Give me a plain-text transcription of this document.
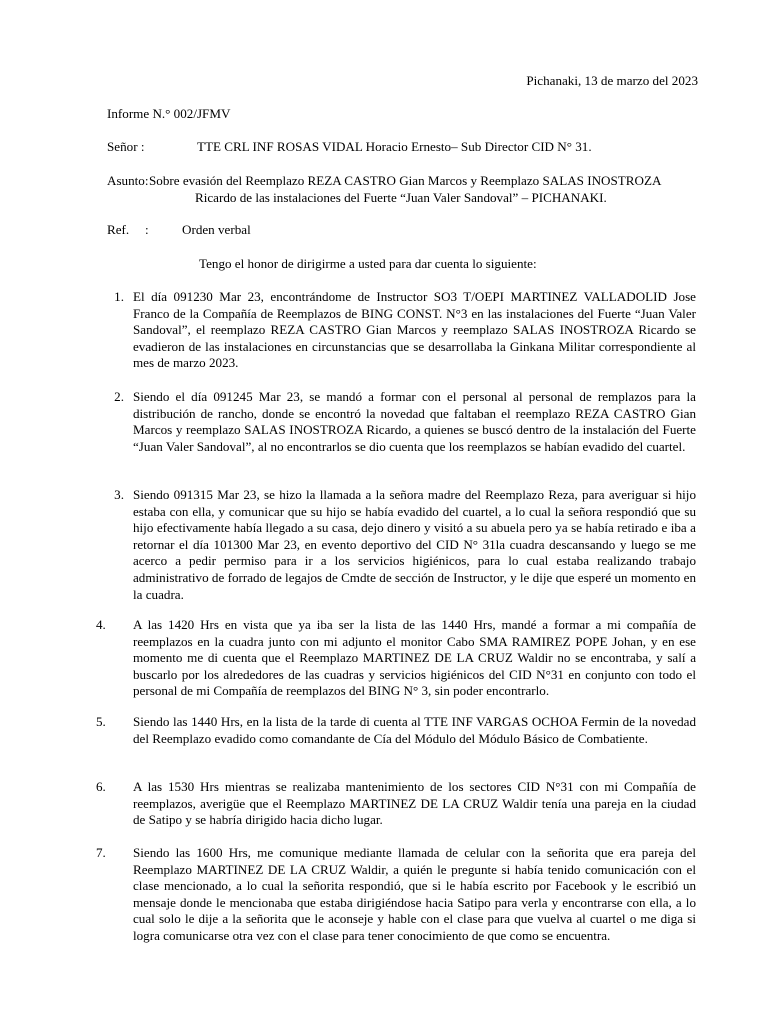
Pichanaki, 13 de marzo del 2023
Informe N.° 002/JFMV
Señor :	TTE CRL INF ROSAS VIDAL Horacio Ernesto– Sub Director CID N° 31.
Asunto: Sobre evasión del Reemplazo REZA CASTRO Gian Marcos y Reemplazo SALAS INOSTROZA
Ricardo de las instalaciones del Fuerte “Juan Valer Sandoval” – PICHANAKI.
Ref. :	Orden verbal
Tengo el honor de dirigirme a usted para dar cuenta lo siguiente:
1. El día 091230 Mar 23, encontrándome de Instructor SO3 T/OEPI MARTINEZ VALLADOLID Jose Franco de la Compañía de Reemplazos de BING CONST. N°3 en las instalaciones del Fuerte “Juan Valer Sandoval”, el reemplazo REZA CASTRO Gian Marcos y reemplazo SALAS INOSTROZA Ricardo se evadieron de las instalaciones en circunstancias que se desarrollaba la Ginkana Militar correspondiente al mes de marzo 2023.
2. Siendo el día 091245 Mar 23, se mandó a formar con el personal al personal de remplazos para la distribución de rancho, donde se encontró la novedad que faltaban el reemplazo REZA CASTRO Gian Marcos y reemplazo SALAS INOSTROZA Ricardo, a quienes se buscó dentro de la instalación del Fuerte “Juan Valer Sandoval”, al no encontrarlos se dio cuenta que los reemplazos se habían evadido del cuartel.
3. Siendo 091315 Mar 23, se hizo la llamada a la señora madre del Reemplazo Reza, para averiguar si hijo estaba con ella, y comunicar que su hijo se había evadido del cuartel, a lo cual la señora respondió que su hijo efectivamente había llegado a su casa, dejo dinero y visitó a su abuela pero ya se había retirado e iba a retornar el día 101300 Mar 23, en evento deportivo del CID N° 31la cuadra descansando y luego se me acerco a pedir permiso para ir a los servicios higiénicos, para lo cual estaba realizando trabajo administrativo de forrado de legajos de Cmdte de sección de Instructor, y le dije que esperé un momento en la cuadra.
4.	A las 1420 Hrs en vista que ya iba ser la lista de las 1440 Hrs, mandé a formar a mi compañía de reemplazos en la cuadra junto con mi adjunto el monitor Cabo SMA RAMIREZ POPE Johan, y en ese momento me di cuenta que el Reemplazo MARTINEZ DE LA CRUZ Waldir no se encontraba, y salí a buscarlo por los alrededores de las cuadras y servicios higiénicos del CID N°31 en conjunto con todo el personal de mi Compañía de reemplazos del BING N° 3, sin poder encontrarlo.
5.	Siendo las 1440 Hrs, en la lista de la tarde di cuenta al TTE INF VARGAS OCHOA Fermin de la novedad del Reemplazo evadido como comandante de Cía del Módulo del Módulo Básico de Combatiente.
6.	A las 1530 Hrs mientras se realizaba mantenimiento de los sectores CID N°31 con mi Compañía de reemplazos, averigüe que el Reemplazo MARTINEZ DE LA CRUZ Waldir tenía una pareja en la ciudad de Satipo y se habría dirigido hacia dicho lugar.
7.	Siendo las 1600 Hrs, me comunique mediante llamada de celular con la señorita que era pareja del Reemplazo MARTINEZ DE LA CRUZ Waldir, a quién le pregunte si había tenido comunicación con el clase mencionado, a lo cual la señorita respondió, que si le había escrito por Facebook y le escribió un mensaje donde le mencionaba que estaba dirigiéndose hacia Satipo para verla y encontrarse con ella, a lo cual solo le dije a la señorita que le aconseje y hable con el clase para que vuelva al cuartel o me diga si logra comunicarse otra vez con el clase para tener conocimiento de que como se encuentra.
